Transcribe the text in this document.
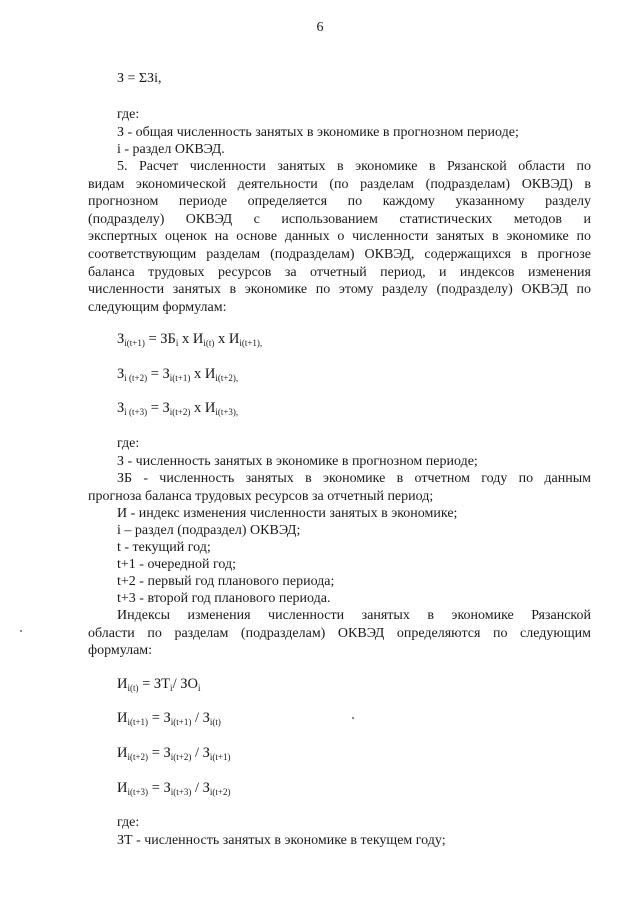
6
З = ΣЗi,
где:
З - общая численность занятых в экономике в прогнозном периоде;
i - раздел ОКВЭД.
5. Расчет численности занятых в экономике в Рязанской области по
видам экономической деятельности (по разделам (подразделам) ОКВЭД) в
прогнозном периоде определяется по каждому указанному разделу
(подразделу) ОКВЭД с использованием статистических методов и
экспертных оценок на основе данных о численности занятых в экономике по
соответствующим разделам (подразделам) ОКВЭД, содержащихся в прогнозе
баланса трудовых ресурсов за отчетный период, и индексов изменения
численности занятых в экономике по этому разделу (подразделу) ОКВЭД по
следующим формулам:
$З_{i(t+1)} = ЗБ_i$ x $И_{i(t)}$ x $И_{i(t+1),}$
$З_{i (t+2)} = З_{i(t+1)}$ x $И_{i(t+2),}$
$З_{i (t+3)} = З_{i(t+2)}$ x $И_{i(t+3),}$
где:
З - численность занятых в экономике в прогнозном периоде;
ЗБ - численность занятых в экономике в отчетном году по данным
прогноза баланса трудовых ресурсов за отчетный период;
И - индекс изменения численности занятых в экономике;
i – раздел (подраздел) ОКВЭД;
t - текущий год;
t+1 - очередной год;
t+2 - первый год планового периода;
t+3 - второй год планового периода.
Индексы изменения численности занятых в экономике Рязанской
области по разделам (подразделам) ОКВЭД определяются по следующим
формулам:
$И_{i(t)} = ЗТ_i/$ $ЗО_i$
$И_{i(t+1)} = З_{i(t+1)} / З_{i(t)}$
$И_{i(t+2)} = З_{i(t+2)} / З_{i(t+1)}$
$И_{i(t+3)} = З_{i(t+3)} / З_{i(t+2)}$
где:
ЗТ - численность занятых в экономике в текущем году;
